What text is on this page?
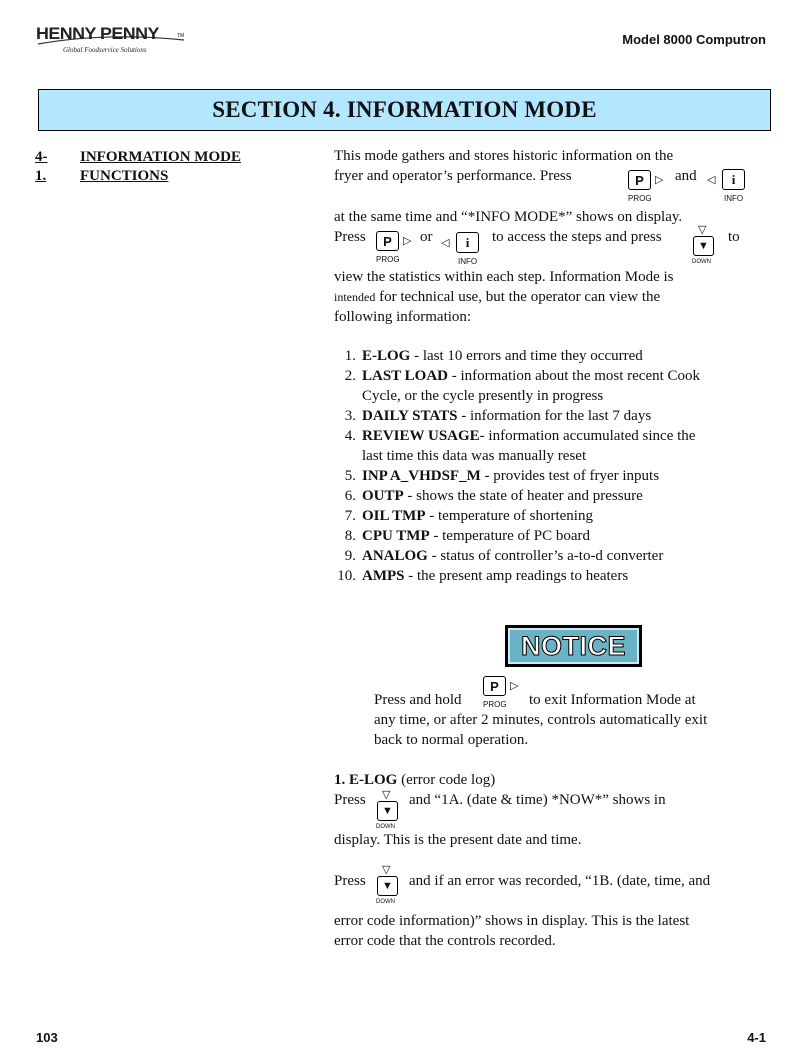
HENNY PENNY	TM
Global Foodservice Solutions
Model 8000 Computron
SECTION 4. INFORMATION MODE
4-1.
INFORMATION MODE
FUNCTIONS
This mode gathers and stores historic information on the
fryer and operator’s performance. Press	P	▷
PROG
and ◁	i
INFO
at the same time and “*INFO MODE*” shows on display.
Press	P	▷
PROG
or ◁	i
INFO
to access the steps and press	▽
▼
DOWN
to
view the statistics within each step. Information Mode is
intended for technical use, but the operator can view the
following information:
1. E-LOG - last 10 errors and time they occurred
2. LAST LOAD - information about the most recent Cook
Cycle, or the cycle presently in progress
3. DAILY STATS - information for the last 7 days
4. REVIEW USAGE- information accumulated since the
last time this data was manually reset
5. INP A_VHDSF_M - provides test of fryer inputs
6. OUTP - shows the state of heater and pressure
7. OIL TMP - temperature of shortening
8. CPU TMP - temperature of PC board
9. ANALOG - status of controller’s a-to-d converter
10. AMPS - the present amp readings to heaters
NOTICE
Press and hold
P	▷
PROG to exit Information Mode at
any time, or after 2 minutes, controls automatically exit
back to normal operation.
1. E-LOG (error code log)
Press ▽
▼
DOWN
and “1A. (date & time) *NOW*” shows in
display. This is the present date and time.
Press
▽
▼
DOWN
and if an error was recorded, “1B. (date, time, and
error code information)” shows in display. This is the latest
error code that the controls recorded.
103	4-1
